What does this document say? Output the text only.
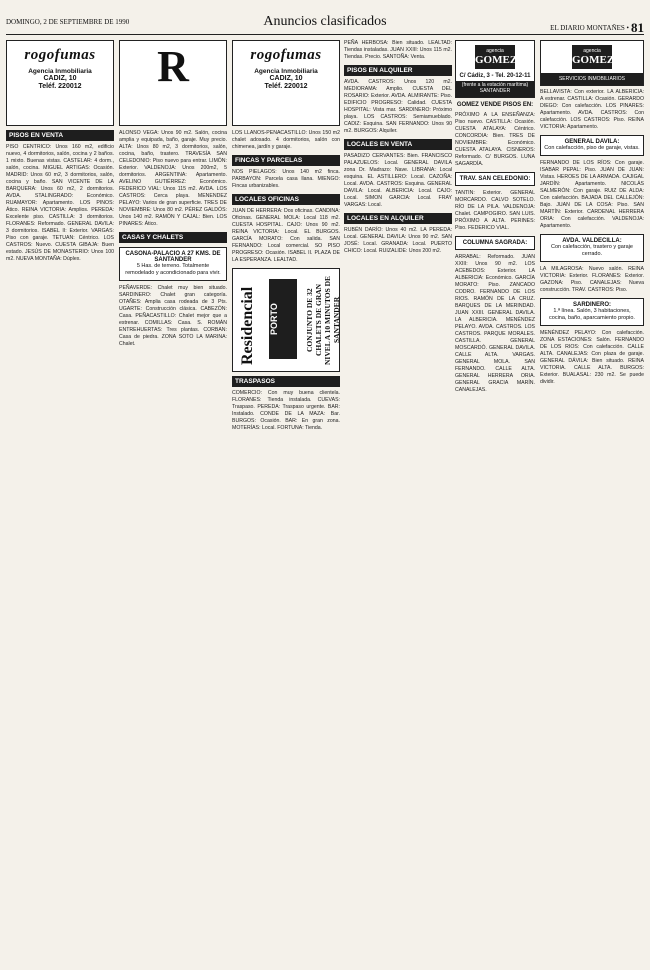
DOMINGO, 2 DE SEPTIEMBRE DE 1990	Anuncios clasificados	EL DIARIO MONTAÑES • 81
rogofumas
Agencia Inmobiliaria
CADIZ, 10
Teléf. 220012
PISOS EN VENTA
PISO CENTRICO: Unos 160 m2, edificio nuevo, 4 dormitorios, salón, cocina y 2 baños. 1 mixto. Buenas vistas. CASTELAR: 4 dorm., salón, cocina. MIGUEL ARTIGAS: Ocasión. MADRID: Unos 60 m2, 3 dormitorios, salón, cocina y baño. SAN VICENTE DE LA BARQUERA: Unos 60 m2, 2 dormitorios. AVDA. STALINGRADO: Económico. RUAMAYOR: Apartamento. LOS PINOS: Ático. REINA VICTORIA: Amplios. PEREDA: Excelente piso. CASTILLA: 3 dormitorios. FLORANES: Reformado. GENERAL DAVILA: 3 dormitorios. ISABEL II: Exterior. VARGAS: Piso con garaje. TETUAN: Céntrico. LOS CASTROS: Nuevo. CUESTA GIBAJA: Buen estado. JESÚS DE MONASTERIO: Unos 100 m2. NUEVA MONTAÑA: Dúplex.
R
ALONSO VEGA: Unos 90 m2. Salón, cocina amplia y equipada, baño, garaje. Muy precio. ALTA: Unos 80 m2, 3 dormitorios, salón, cocina, baño, trastero. TRAVESÍA SAN CELEDONIO: Piso nuevo para entrar. LIMÓN: Exterior. VALDENOJA: Unos 200m2, 5 dormitorios. ARGENTINA: Apartamento. AVELINO GUTIÉRREZ: Económico. FEDERICO VIAL: Unos 115 m2. AVDA. LOS CASTROS: Cerca playa. MENENDEZ PELAYO: Varios de gran superficie. TRES DE NOVIEMBRE: Unos 80 m2. PÉREZ GALDÓS: Unos 140 m2. RAMÓN Y CAJAL: Bien. LOS PINARES: Ático.
CASAS Y CHALETS
CASONA-PALACIO A 27 KMS. DE SANTANDER
5 Has. de terreno. Totalmente remodelado y acondicionado para vivir.
PEÑAVERDE: Chalet muy bien situado. SARDINERO: Chalet gran categoría. OTAÑES: Amplia casa rodeada de 3 Pts. UGARTE: Construcción clásica. CABEZÓN: Casa. PEÑACASTILLO: Chalet mejor que a estrenar. COMILLAS: Casa. S. ROMÁN ENTREHUERTAS: Tres plantas. CORBAN: Casa de piedra. ZONA SOTO LA MARINA: Chalet.
rogofumas
Agencia Inmobiliaria
CADIZ, 10
Teléf. 220012
LOS LLANOS-PENACASTILLO: Unos 150 m2 chalet adosado. 4 dormitorios, salón con chimenea, jardín y garaje.
FINCAS Y PARCELAS
NOS PIELAGOS: Unos 140 m2 finca. PARBAYON: Parcela casa llana. MIENGO: Fincas urbanizables.
LOCALES OFICINAS
JUAN DE HERRERA: Dos oficinas. CANDINA: Oficinas. GENERAL MOLA: Local 118 m2. CUESTA HOSPITAL. CAJO: Unos 90 m2. REINA VICTORIA: Local. EL BURGOS. GARCÍA MORATO: Con salida. SAN FERNANDO: Local comercial. SO PISO PROGRESO: Ocasión. ISABEL II. PLAZA DE LA ESPERANZA. LEALTAD.
Residencial PORTO	CONJUNTO DE 32 CHALETS DE GRAN NIVEL A 10 MINUTOS DE SANTANDER
TRASPASOS
COMERCIO: Con muy buena clientela. FLORANES: Tienda instalada. CUEVAS: Traspaso. PEREDA: Traspaso urgente. BAR: Instalado. CONDE DE LA MAZA: Bar. BURGOS: Ocasión. BAR: En gran zona. MOTERÍAS: Local. FORTUNA: Tienda.
PEÑA HERBOSA: Bien situado. LEALTAD: Tiendas instaladas. JUAN XXIII: Unos 115 m2. Tiendas. Precio. SANTOÑA: Venta.
PISOS EN ALQUILER
AVDA. CASTROS: Unos 120 m2. MEDIORAMA: Amplio. CUESTA DEL ROSARIO: Exterior. AVDA. ALMIRANTE: Piso. EDIFICIO PROGRESO: Calidad. CUESTA HOSPITAL: Vista mar. SARDINERO: Próximo playa. LOS CASTROS: Semiamueblado. CADIZ: Esquina. SAN FERNANDO: Unos 90 m2. BURGOS: Alquiler.
LOCALES EN VENTA
PASADIZO CERVANTES: Bien. FRANCISCO PALAZUELOS: Local. GENERAL DAVILA zona Dr. Madrazo: Nave. LIBRANA: Local esquina. EL ASTILLERO: Local. CAZOÑA: Local. AVDA. CASTROS: Esquina. GENERAL DAVILA: Local. ALBERICIA: Local. CAJO: Local. SIMON GARCIA: Local. FRAY VARGAS: Local.
LOCALES EN ALQUILER
RUBÉN DARÍO: Unos 40 m2. LA PEREDA: Local. GENERAL DAVILA: Unos 90 m2. SAN JOSÉ: Local. GRANADA: Local. PUERTO CHICO: Local. RUIZALIDE: Unos 200 m2.
agencia
GOMEZ
C/ Cádiz, 3 - Tel. 20-12-11
(frente a la estación marítima) SANTANDER
GOMEZ VENDE PISOS EN:
PRÓXIMO A LA ENSEÑANZA: Piso nuevo. CASTILLA: Ocasión. CUESTA ATALAYA: Céntrico. CONCORDIA: Bien. TRES DE NOVIEMBRE: Económico. CUESTA ATALAYA. CISNEROS: Reformado. C/ BURGOS. LUNA SAGARDÍA.
TRAV. SAN CELEDONIO:
TANTIN: Exterior. GENERAL MORCARDO. CALVO SOTELO. RÍO DE LA PILA. VALDENOJA: Chalet. CAMPOGIRO. SAN LUIS. PRÓXIMO A ALTA. PERINES: Piso. FEDERICO VIAL.
COLUMNA SAGRADA:
ARRABAL: Reformado. JUAN XXIII: Unos 90 m2. LOS ACEBEDOS: Exterior. LA ALBERICIA: Económico. GARCÍA MORATO: Piso. ZANCADO CODRO. FERNANDO DE LOS RIOS. RAMÓN DE LA CRUZ. BARQUES DE LA MERINDAD. JUAN XXIII. GENERAL DAVILA. LA ALBERICIA. MENÉNDEZ PELAYO. AVDA. CASTROS. LOS CASTROS. PARQUE MORALES. CASTILLA. GENERAL MOSCARDÓ. GENERAL DAVILA. CALLE ALTA. VARGAS. GENERAL MOLA. SAN FERNANDO. CALLE ALTA. GENERAL HERRERA ORIA. GENERAL GRACIA MARÍN. CANALEJAS.
agencia
GOMEZ
SERVICIOS INMOBILIARIOS
BELLAVISTA: Con exterior. LA ALBERICIA: A estrenar. CASTILLA: Ocasión. GERARDO DIEGO: Con calefacción. LOS PINARES: Apartamento. AVDA. CASTROS: Con calefacción. LOS CASTROS: Piso. REINA VICTORIA: Apartamento.
GENERAL DAVILA:
Con calefacción, piso de garaje, vistas.
FERNANDO DE LOS RÍOS: Con garaje. ISABAR PEPAL: Piso. JUAN DE JUAN: Vistas. HEROES DE LA ARMADA. CAJIGAL JARDÍN: Apartamento. NICOLÁS SALMERÓN: Con garaje. RUIZ DE ALDA: Con calefacción. BAJADA DEL CALLEJÓN: Bajo. JUAN DE LA COSA: Piso. SAN MARTÍN: Exterior. CARDENAL HERRERA ORIA: Con calefacción. VALDENOJA: Apartamento.
AVDA. VALDECILLA:
Con calefacción, trastero y garaje cerrado.
LA MILAGROSA: Nuevo salón. REINA VICTORIA: Exterior. FLORANES: Exterior. GAZONA: Piso. CANALEJAS: Nueva construcción. TRAV. CASTROS: Piso.
SARDINERO:
1.ª línea. Salón, 3 habitaciones, cocina, baño, aparcamiento propio.
MENÉNDEZ PELAYO: Con calefacción. ZONA ESTACIONES: Salón. FERNANDO DE LOS RIOS: Con calefacción. CALLE ALTA. CANALEJAS: Con plaza de garaje. GENERAL DÁVILA: Bien situado. REINA VICTORIA. CALLE ALTA. BURGOS: Exterior. BUALASAL: 230 m2. Se puede dividir.
